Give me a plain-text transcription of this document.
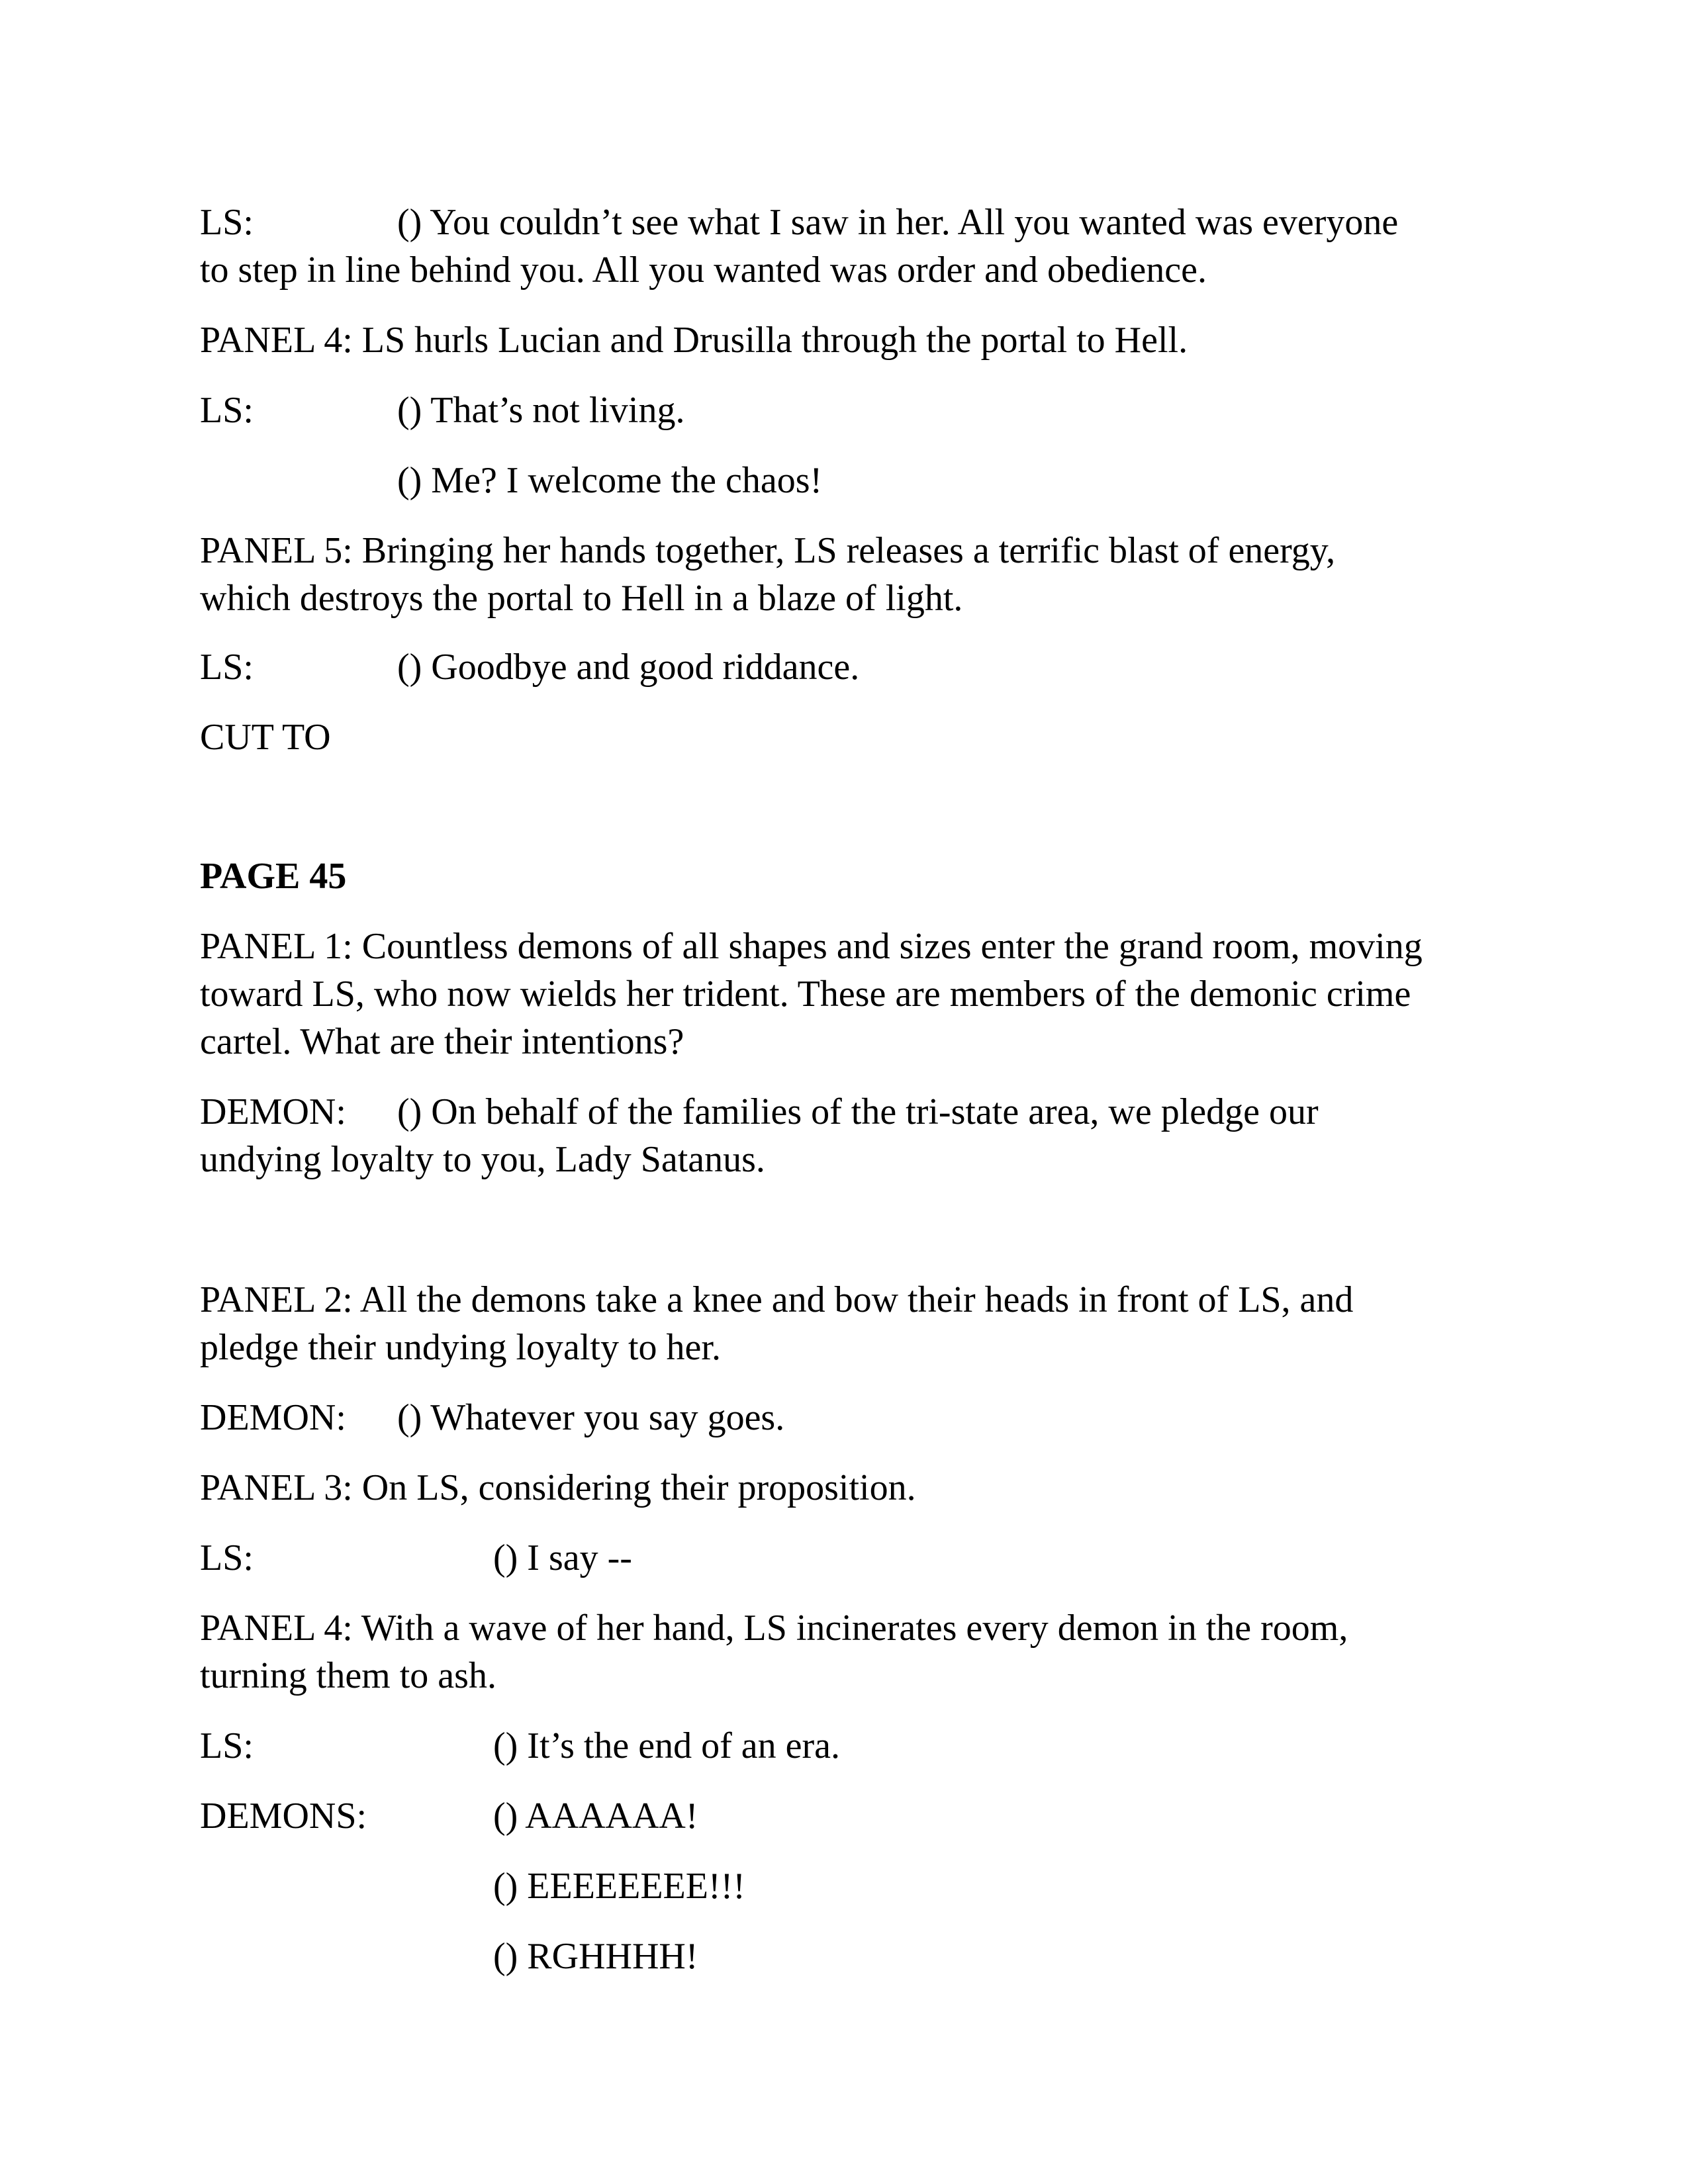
LS:	() You couldn’t see what I saw in her. All you wanted was everyone

to step in line behind you. All you wanted was order and obedience.

PANEL 4: LS hurls Lucian and Drusilla through the portal to Hell.

LS:	() That’s not living.

() Me? I welcome the chaos!

PANEL 5: Bringing her hands together, LS releases a terrific blast of energy,

which destroys the portal to Hell in a blaze of light.

LS:	() Goodbye and good riddance.

CUT TO

PAGE 45

PANEL 1: Countless demons of all shapes and sizes enter the grand room, moving

toward LS, who now wields her trident. These are members of the demonic crime

cartel. What are their intentions?

DEMON: () On behalf of the families of the tri-state area, we pledge our

undying loyalty to you, Lady Satanus.

PANEL 2: All the demons take a knee and bow their heads in front of LS, and

pledge their undying loyalty to her.

DEMON: () Whatever you say goes.

PANEL 3: On LS, considering their proposition.

LS:	() I say --

PANEL 4: With a wave of her hand, LS incinerates every demon in the room,

turning them to ash.

LS:	() It’s the end of an era.

DEMONS:	() AAAAAA!

() EEEEEEEE!!!

() RGHHHH!
